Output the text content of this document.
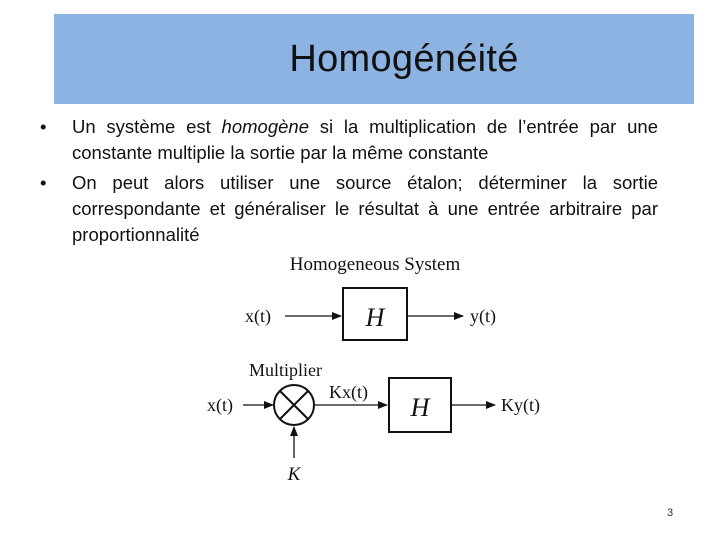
Homogénéité
• Un système est homogène si la multiplication de l’entrée par une constante multiplie la sortie par la même constante
• On peut alors utiliser une source étalon; déterminer la sortie correspondante et généraliser le résultat à une entrée arbitraire par proportionnalité
Homogeneous System
x(t)	H	y(t)
Multiplier
x(t)
K
Kx(t)
H	Ky(t)
3
